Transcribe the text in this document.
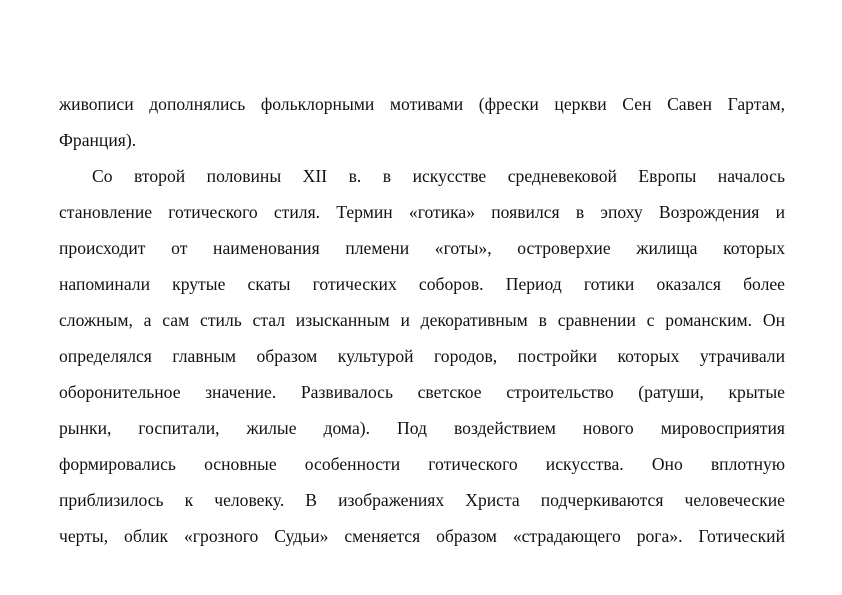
живописи дополнялись фольклорными мотивами (фрески церкви Сен Савен Гартам,
Франция).
Со второй половины XII в. в искусстве средневековой Европы началось
становление готического стиля. Термин «готика» появился в эпоху Возрождения и
происходит от наименования племени «готы», островерхие жилища которых
напоминали крутые скаты готических соборов. Период готики оказался более
сложным, а сам стиль стал изысканным и декоративным в сравнении с романским. Он
определялся главным образом культурой городов, постройки которых утрачивали
оборонительное значение. Развивалось светское строительство (ратуши, крытые
рынки, госпитали, жилые дома). Под воздействием нового мировосприятия
формировались основные особенности готического искусства. Оно вплотную
приблизилось к человеку. В изображениях Христа подчеркиваются человеческие
черты, облик «грозного Судьи» сменяется образом «страдающего рога». Готический
